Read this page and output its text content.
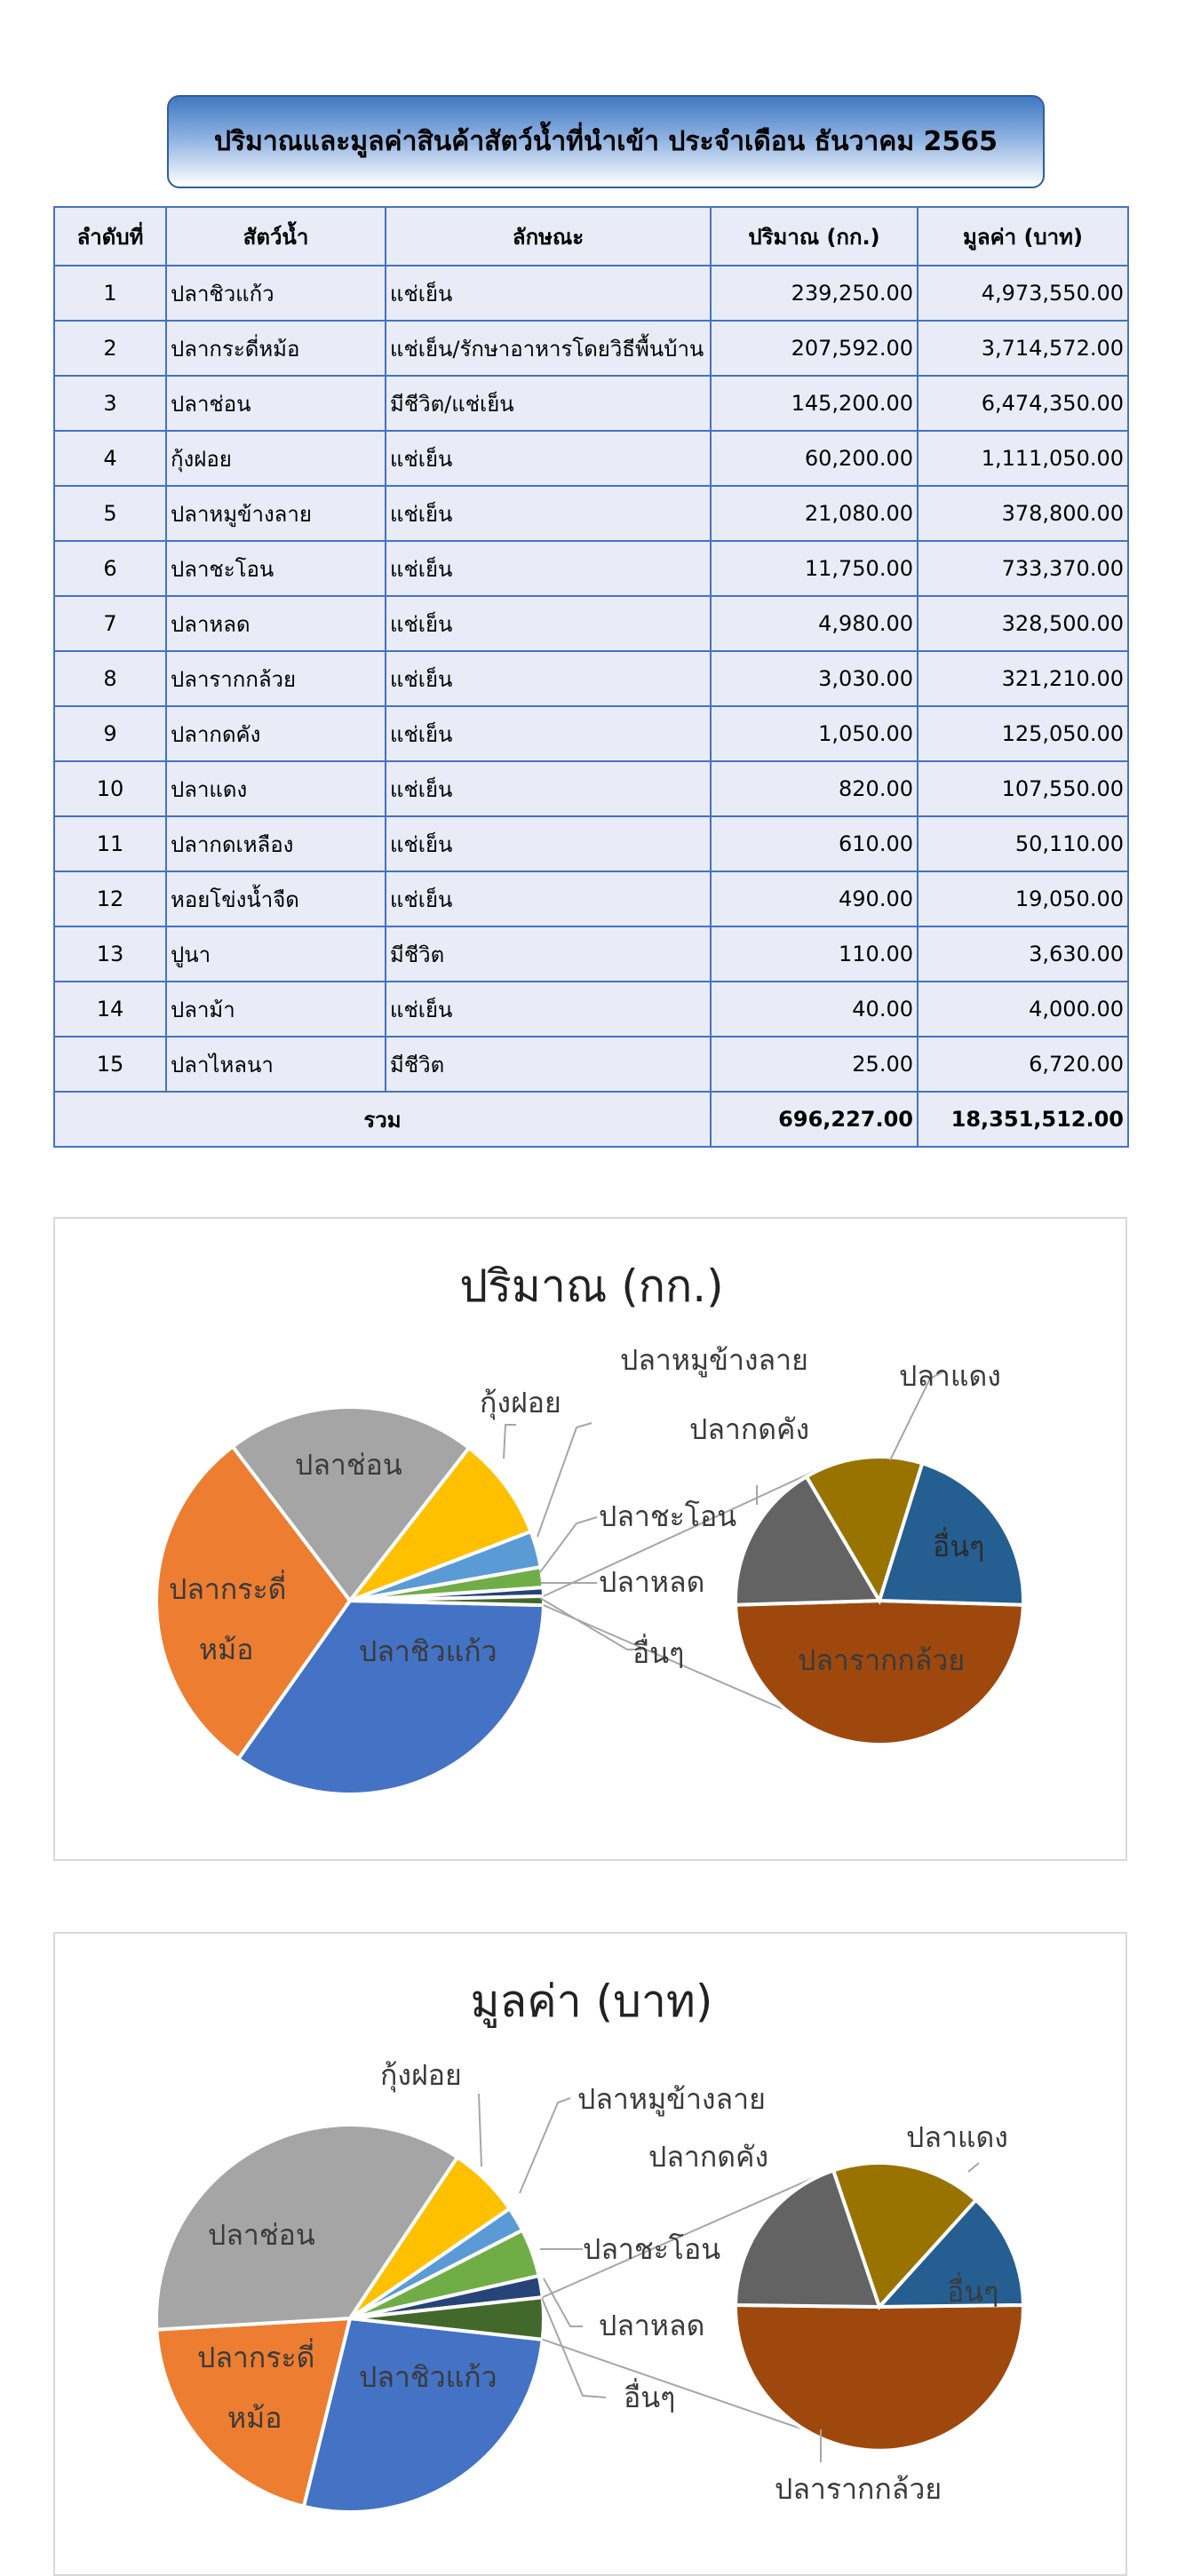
ปริมาณและมูลค่าสินค้าสัตว์น้ำที่นำเข้า ประจำเดือน ธันวาคม 2565
ลำดับที่	สัตว์น้ำ	ลักษณะ	ปริมาณ (กก.)	มูลค่า (บาท)
1	ปลาชิวแก้ว	แช่เย็น	239,250.00	4,973,550.00
2	ปลากระดี่หม้อ	แช่เย็น/รักษาอาหารโดยวิธีพื้นบ้าน	207,592.00	3,714,572.00
3	ปลาช่อน	มีชีวิต/แช่เย็น	145,200.00	6,474,350.00
4	กุ้งฝอย	แช่เย็น	60,200.00	1,111,050.00
5	ปลาหมูข้างลาย	แช่เย็น	21,080.00	378,800.00
6	ปลาชะโอน	แช่เย็น	11,750.00	733,370.00
7	ปลาหลด	แช่เย็น	4,980.00	328,500.00
8	ปลารากกล้วย	แช่เย็น	3,030.00	321,210.00
9	ปลากดคัง	แช่เย็น	1,050.00	125,050.00
10	ปลาแดง	แช่เย็น	820.00	107,550.00
11	ปลากดเหลือง	แช่เย็น	610.00	50,110.00
12	หอยโข่งน้ำจืด	แช่เย็น	490.00	19,050.00
13	ปูนา	มีชีวิต	110.00	3,630.00
14	ปลาม้า	แช่เย็น	40.00	4,000.00
15	ปลาไหลนา	มีชีวิต	25.00	6,720.00
รวม			696,227.00	18,351,512.00
ปริมาณ (กก.)
ปลาช่อน
ปลากระดี่
หม้อ	ปลาชิวแก้ว
กุ้งฝอย
ปลาหมูข้างลาย
ปลาชะโอน
ปลาหลด
อื่นๆ
ปลากดคัง
ปลาแดง
อื่นๆ
ปลารากกล้วย
มูลค่า (บาท)
ปลาช่อน
ปลากระดี่
หม้อ
ปลาชิวแก้ว
กุ้งฝอย
ปลาหมูข้างลาย
ปลาชะโอน
ปลาหลด
อื่นๆ
ปลากดคัง
ปลาแดง
อื่นๆ
ปลารากกล้วย
